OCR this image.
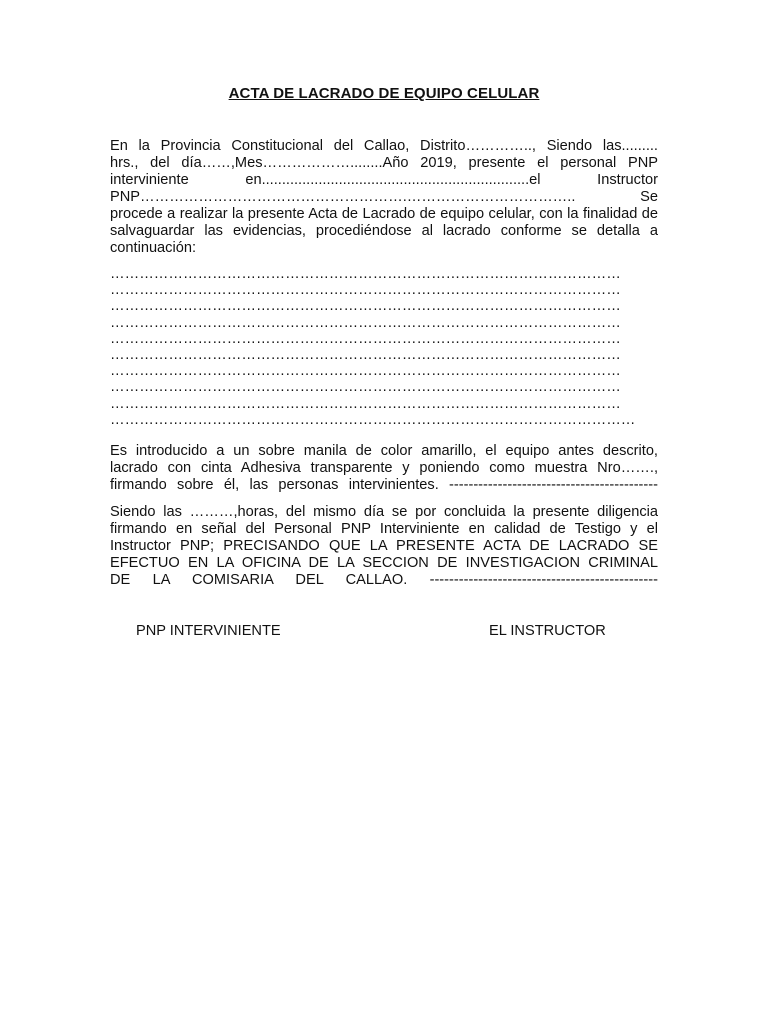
ACTA DE LACRADO DE EQUIPO CELULAR
En la Provincia Constitucional del Callao, Distrito………….., Siendo las.........
hrs., del día……,Mes………………........Año 2019, presente el personal PNP
interviniente en..................................................................el Instructor
PNP……………………………………………….…………………………….. Se
procede a realizar la presente Acta de Lacrado de equipo celular, con la finalidad de salvaguardar las evidencias, procediéndose al lacrado conforme se detalla a continuación:
……………………………………………………………………………………………
……………………………………………………………………………………………
……………………………………………………………………………………………
……………………………………………………………………………………………
……………………………………………………………………………………………
……………………………………………………………………………………………
……………………………………………………………………………………………
……………………………………………………………………………………………
……………………………………………………………………………………………
………………………………………………………………………………………………
Es introducido a un sobre manila de color amarillo, el equipo antes descrito,
lacrado con cinta Adhesiva transparente y poniendo como muestra Nro…….,
firmando sobre él, las personas intervinientes. -------------------------------------------
Siendo las ………,horas, del mismo día se por concluida la presente diligencia
firmando en señal del Personal PNP Interviniente en calidad de Testigo y el
Instructor PNP; PRECISANDO QUE LA PRESENTE ACTA DE LACRADO SE
EFECTUO EN LA OFICINA DE LA SECCION DE INVESTIGACION CRIMINAL
DE LA COMISARIA DEL CALLAO. -----------------------------------------------
PNP INTERVINIENTE	EL INSTRUCTOR
